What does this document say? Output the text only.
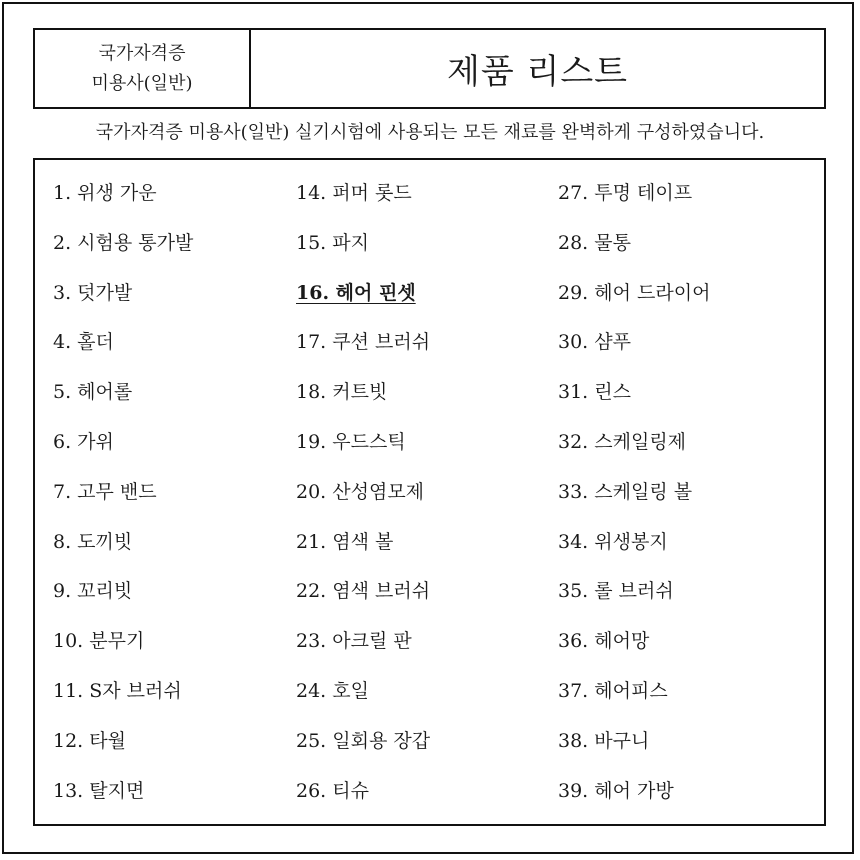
국가자격증
미용사(일반)	제품 리스트
국가자격증 미용사(일반) 실기시험에 사용되는 모든 재료를 완벽하게 구성하였습니다.
1. 위생 가운
2. 시험용 통가발
3. 덧가발
4. 홀더
5. 헤어롤
6. 가위
7. 고무 밴드
8. 도끼빗
9. 꼬리빗
10. 분무기
11. S자 브러쉬
12. 타월
13. 탈지면
14. 퍼머 롯드
15. 파지
16. 헤어 핀셋
17. 쿠션 브러쉬
18. 커트빗
19. 우드스틱
20. 산성염모제
21. 염색 볼
22. 염색 브러쉬
23. 아크릴 판
24. 호일
25. 일회용 장갑
26. 티슈
27. 투명 테이프
28. 물통
29. 헤어 드라이어
30. 샴푸
31. 린스
32. 스케일링제
33. 스케일링 볼
34. 위생봉지
35. 롤 브러쉬
36. 헤어망
37. 헤어피스
38. 바구니
39. 헤어 가방
